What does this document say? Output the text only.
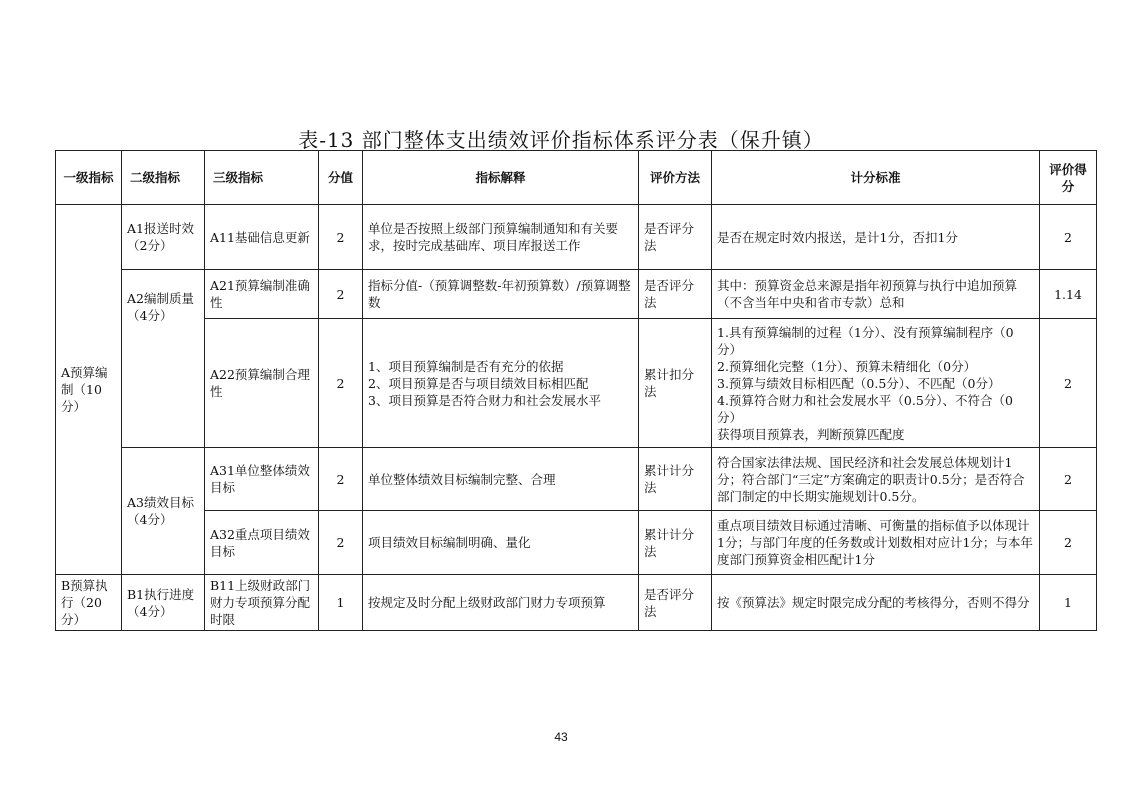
表-13 部门整体支出绩效评价指标体系评分表（保升镇）
一级指标	二级指标	三级指标	分值	指标解释	评价方法	计分标准	评价得分
A预算编制（10分）	A1报送时效（2分）	A11基础信息更新	2	单位是否按照上级部门预算编制通知和有关要求，按时完成基础库、项目库报送工作	是否评分法	是否在规定时效内报送，是计1分，否扣1分	2
	A2编制质量（4分）	A21预算编制准确性	2	指标分值-（预算调整数-年初预算数）/预算调整数	是否评分法	其中：预算资金总来源是指年初预算与执行中追加预算（不含当年中央和省市专款）总和	1.14
		A22预算编制合理性	2	1、项目预算编制是否有充分的依据
2、项目预算是否与项目绩效目标相匹配
3、项目预算是否符合财力和社会发展水平	累计扣分法	1.具有预算编制的过程（1分）、没有预算编制程序（0分）
2.预算细化完整（1分）、预算未精细化（0分）
3.预算与绩效目标相匹配（0.5分）、不匹配（0分）
4.预算符合财力和社会发展水平（0.5分）、不符合（0分）
获得项目预算表，判断预算匹配度	2
	A3绩效目标（4分）	A31单位整体绩效目标	2	单位整体绩效目标编制完整、合理	累计计分法	符合国家法律法规、国民经济和社会发展总体规划计1分；符合部门“三定”方案确定的职责计0.5分；是否符合部门制定的中长期实施规划计0.5分。	2
		A32重点项目绩效目标	2	项目绩效目标编制明确、量化	累计计分法	重点项目绩效目标通过清晰、可衡量的指标值予以体现计1分；与部门年度的任务数或计划数相对应计1分；与本年度部门预算资金相匹配计1分	2
B预算执行（20分）	B1执行进度（4分）	B11上级财政部门财力专项预算分配时限	1	按规定及时分配上级财政部门财力专项预算	是否评分法	按《预算法》规定时限完成分配的考核得分，否则不得分	1
43
